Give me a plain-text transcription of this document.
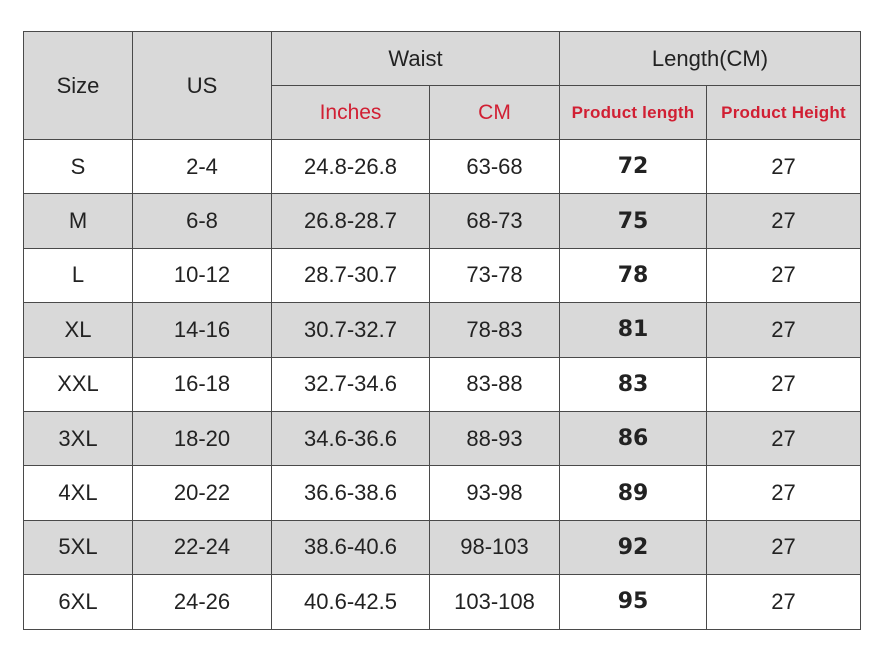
Size	US	Waist		Length(CM)	
		Inches	CM	Product length	Product Height
S	2-4	24.8-26.8	63-68	72	27
M	6-8	26.8-28.7	68-73	75	27
L	10-12	28.7-30.7	73-78	78	27
XL	14-16	30.7-32.7	78-83	81	27
XXL	16-18	32.7-34.6	83-88	83	27
3XL	18-20	34.6-36.6	88-93	86	27
4XL	20-22	36.6-38.6	93-98	89	27
5XL	22-24	38.6-40.6	98-103	92	27
6XL	24-26	40.6-42.5	103-108	95	27
